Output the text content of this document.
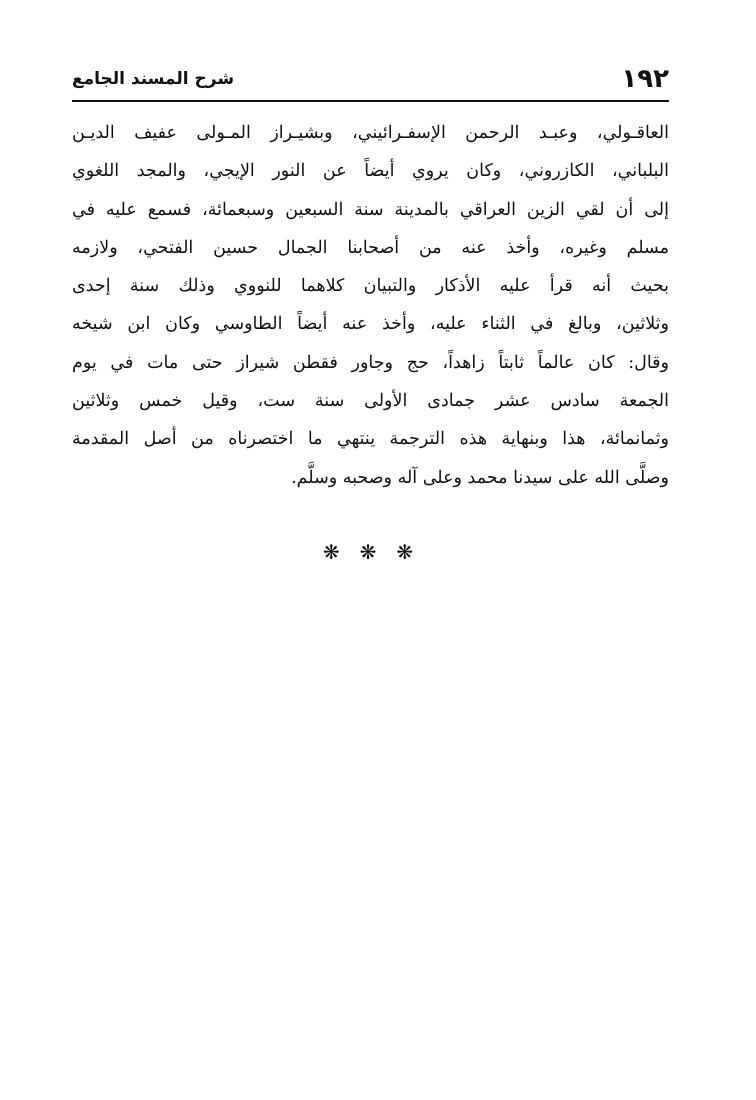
١٩٢
شرح المسند الجامع
العاقـولي، وعبـد الرحمن الإسفـرائيني، وبشيـراز المـولى عفيف الديـن
البلباني، الكازروني، وكان يروي أيضاً عن النور الإيجي، والمجد اللغوي
إلى أن لقي الزين العراقي بالمدينة سنة السبعين وسبعمائة، فسمع عليه في
مسلم وغيره، وأخذ عنه من أصحابنا الجمال حسين الفتحي، ولازمه
بحيث أنه قرأ عليه الأذكار والتبيان كلاهما للنووي وذلك سنة إحدى
وثلاثين، وبالغ في الثناء عليه، وأخذ عنه أيضاً الطاوسي وكان ابن شيخه
وقال: كان عالماً ثابتاً زاهداً، حج وجاور فقطن شيراز حتى مات في يوم
الجمعة سادس عشر جمادى الأولى سنة ست، وقيل خمس وثلاثين
وثمانمائة، هذا وبنهاية هذه الترجمة ينتهي ما اختصرناه من أصل المقدمة
وصلَّى الله على سيدنا محمد وعلى آله وصحبه وسلَّم.
❋❋❋
